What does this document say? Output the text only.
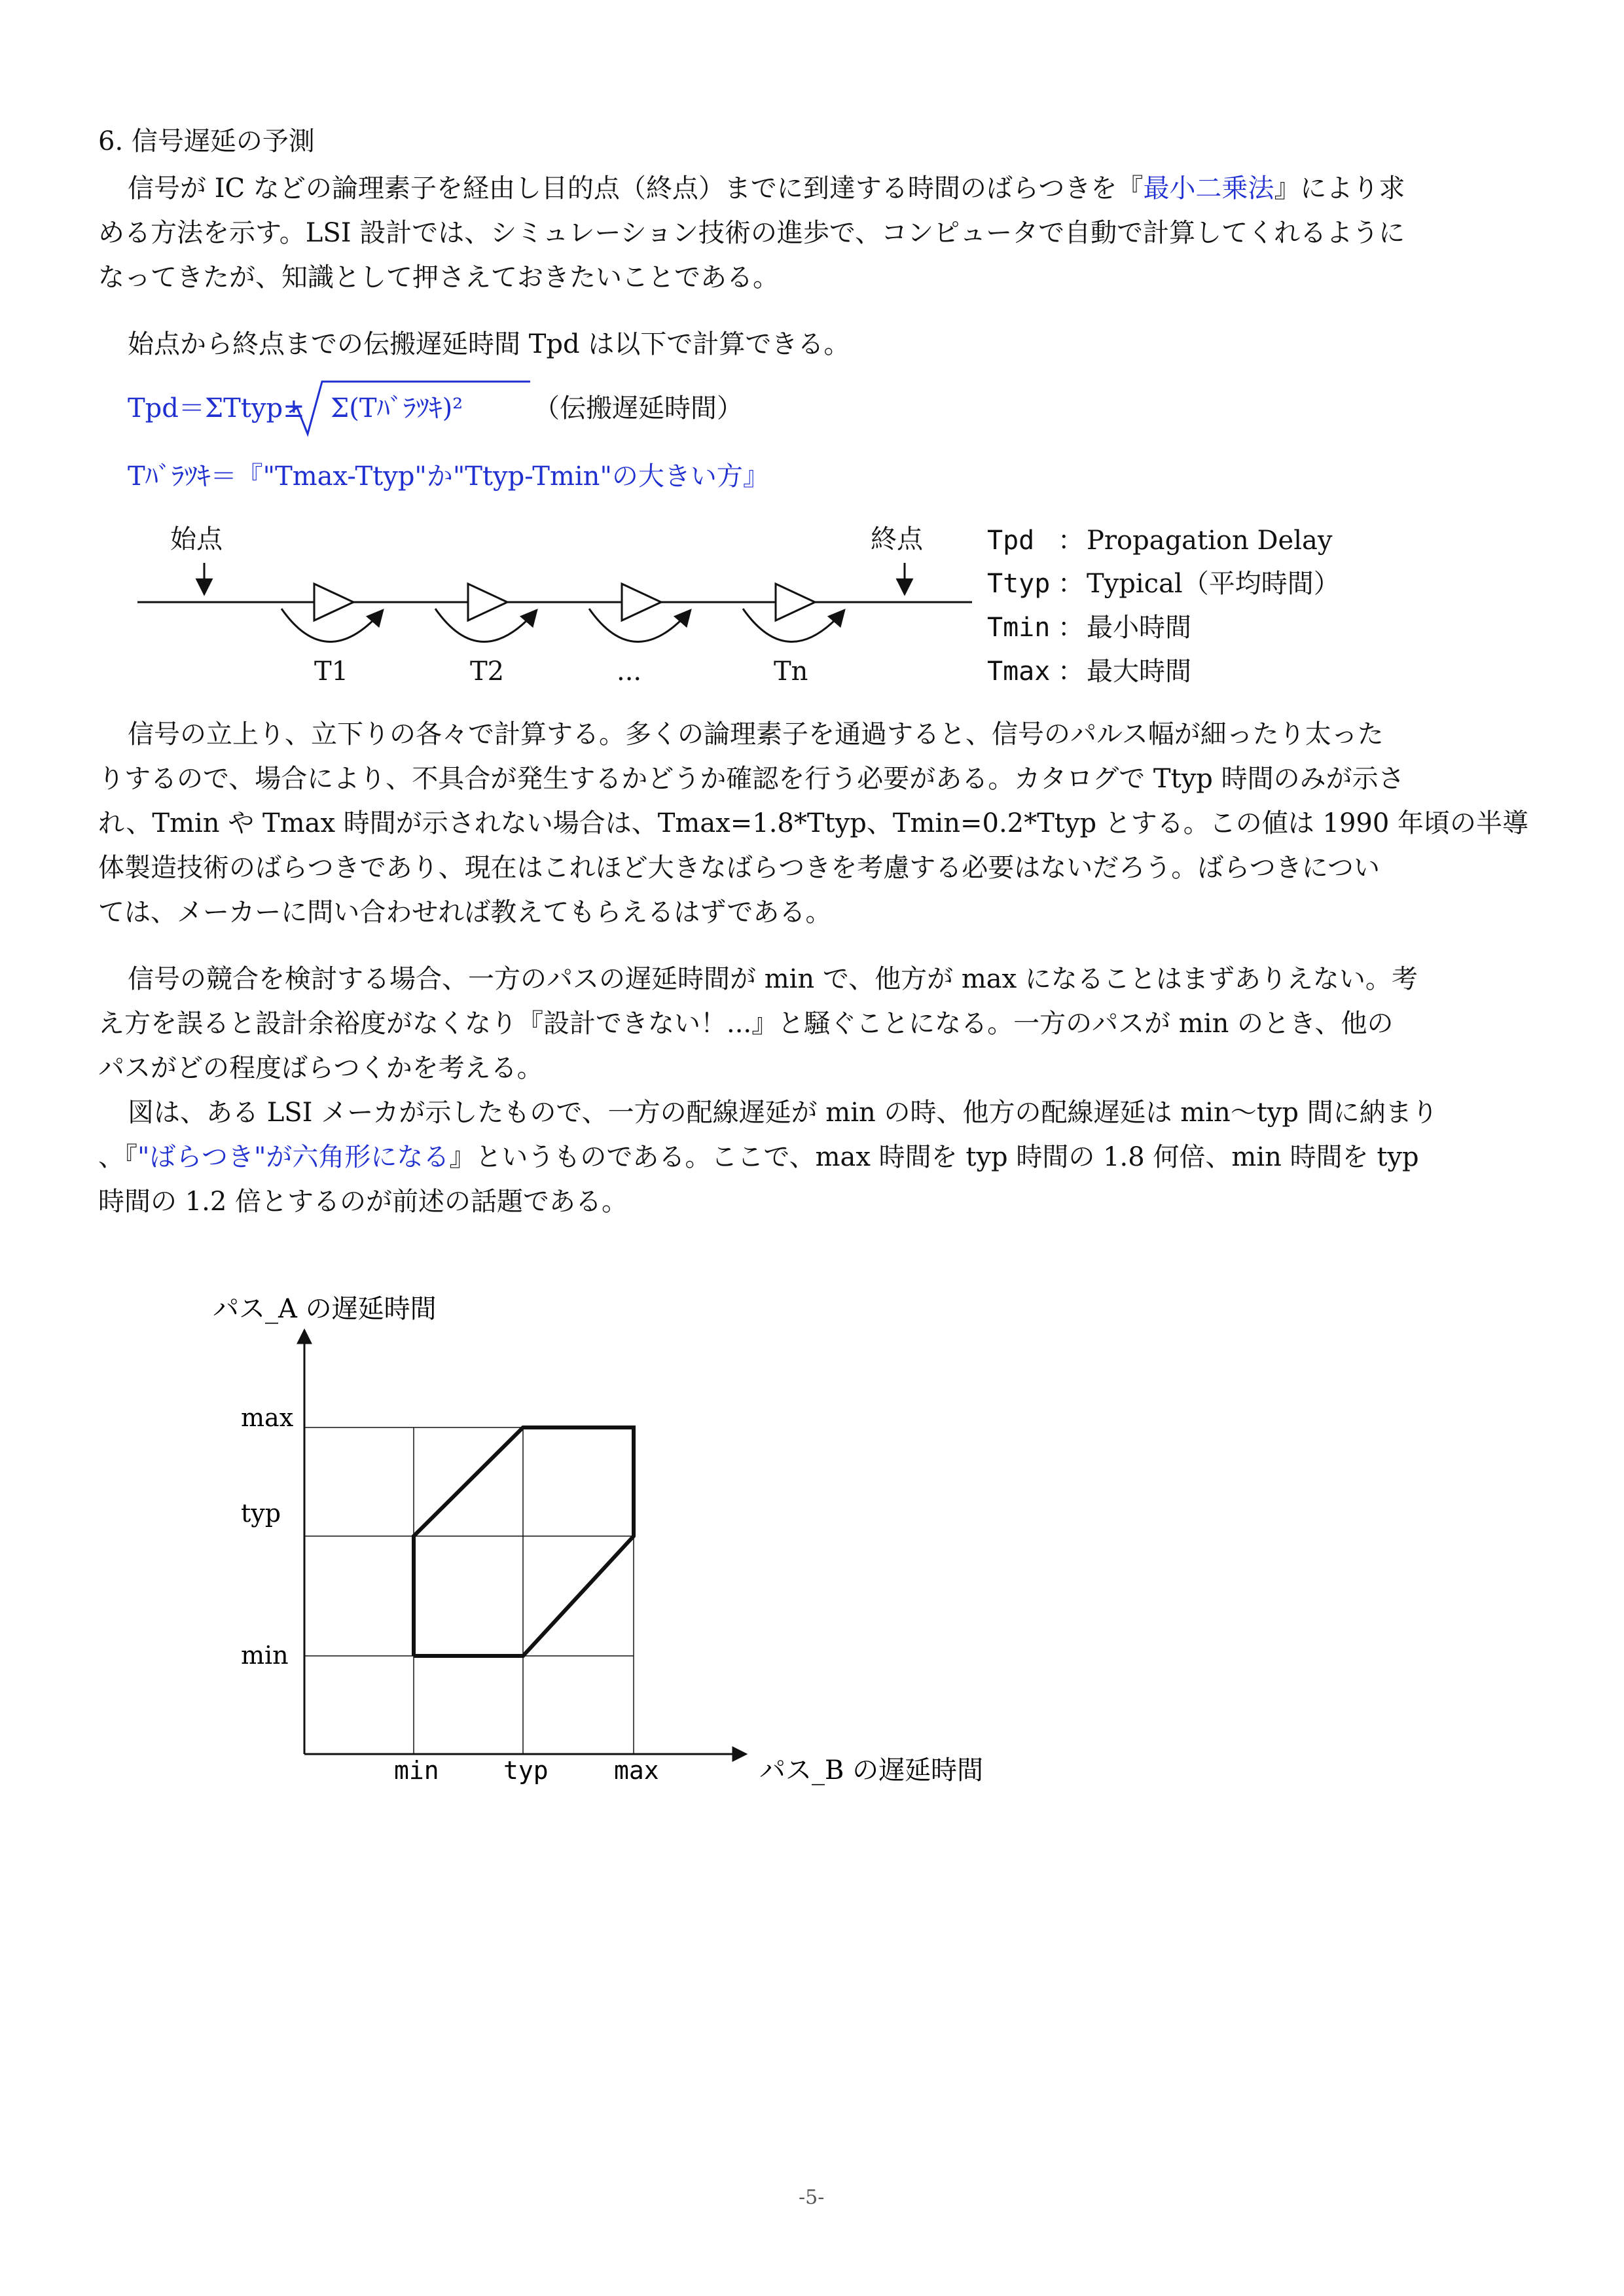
6. 信号遅延の予測
信号が IC などの論理素子を経由し目的点（終点）までに到達する時間のばらつきを『最小二乗法』により求
める方法を示す。LSI 設計では、シミュレーション技術の進歩で、コンピュータで自動で計算してくれるように
なってきたが、知識として押さえておきたいことである。
始点から終点までの伝搬遅延時間 Tpd は以下で計算できる。
Tpd＝ΣTtyp± Σ(Tﾊﾞﾗﾂｷ)²	（伝搬遅延時間）
Tﾊﾞﾗﾂｷ＝『"Tmax-Ttyp"か"Ttyp-Tmin"の大きい方』
始点	終点
T1	T2	...	Tn
Tpd ： Propagation Delay
Ttyp ： Typical（平均時間）
Tmin ： 最小時間
Tmax ： 最大時間
信号の立上り、立下りの各々で計算する。多くの論理素子を通過すると、信号のパルス幅が細ったり太った
りするので、場合により、不具合が発生するかどうか確認を行う必要がある。カタログで Ttyp 時間のみが示さ
れ、Tmin や Tmax 時間が示されない場合は、Tmax=1.8*Ttyp、Tmin=0.2*Ttyp とする。この値は 1990 年頃の半導
体製造技術のばらつきであり、現在はこれほど大きなばらつきを考慮する必要はないだろう。ばらつきについ
ては、メーカーに問い合わせれば教えてもらえるはずである。
信号の競合を検討する場合、一方のパスの遅延時間が min で、他方が max になることはまずありえない。考
え方を誤ると設計余裕度がなくなり『設計できない！...』と騒ぐことになる。一方のパスが min のとき、他の
パスがどの程度ばらつくかを考える。
図は、ある LSI メーカが示したもので、一方の配線遅延が min の時、他方の配線遅延は min～typ 間に納まり
、『"ばらつき"が六角形になる』というものである。ここで、max 時間を typ 時間の 1.8 何倍、min 時間を typ
時間の 1.2 倍とするのが前述の話題である。
パス_A の遅延時間
パス_B の遅延時間
min	typ	max
min
typ
max
-5-
